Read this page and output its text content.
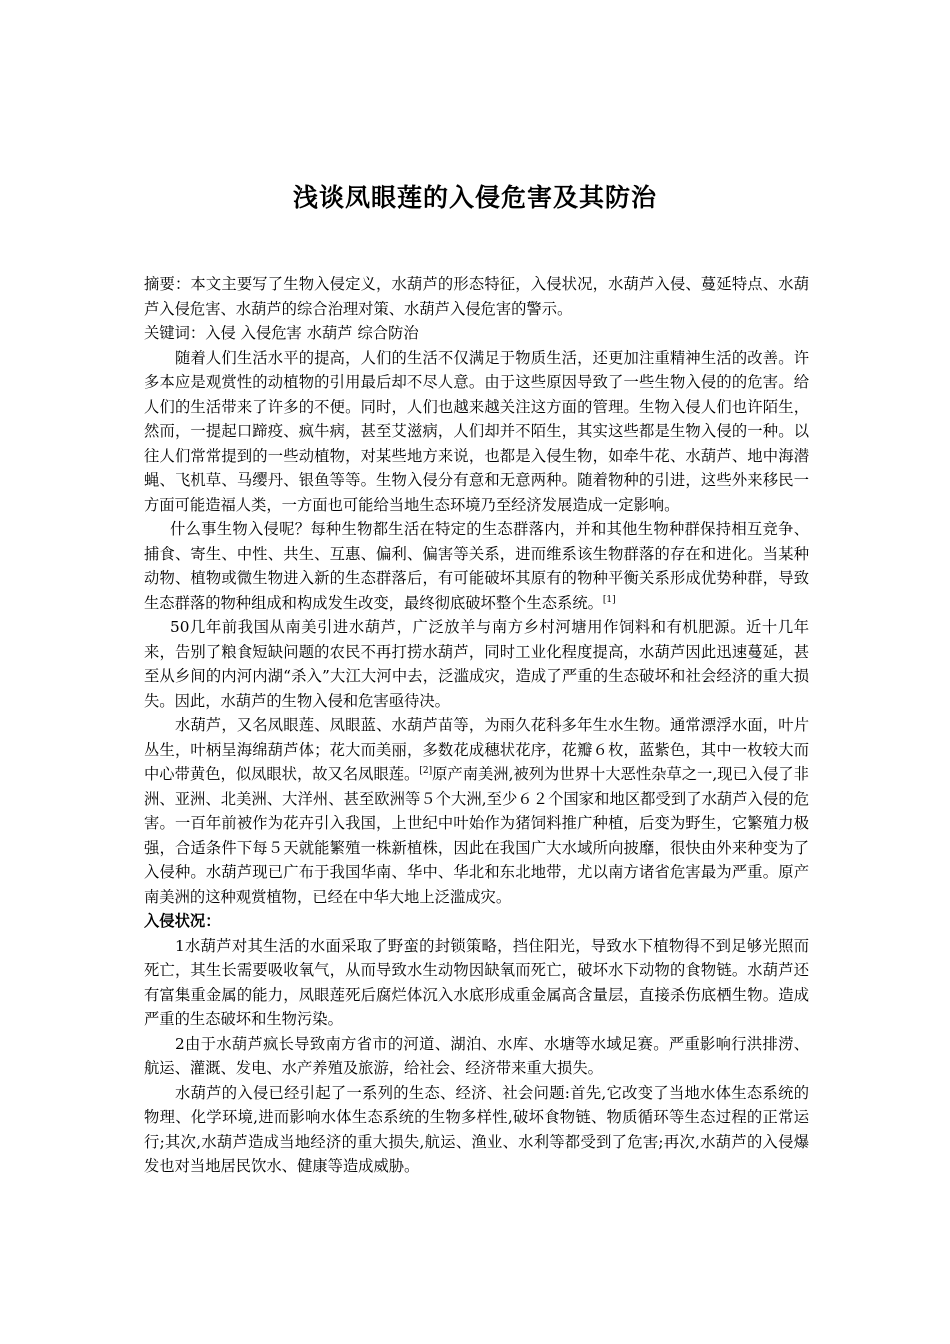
浅谈凤眼莲的入侵危害及其防治

摘要：本文主要写了生物入侵定义，水葫芦的形态特征，入侵状况，水葫芦入侵、蔓延特点、水葫芦入侵危害、水葫芦的综合治理对策、水葫芦入侵危害的警示。

关键词：入侵 入侵危害 水葫芦 综合防治

随着人们生活水平的提高，人们的生活不仅满足于物质生活，还更加注重精神生活的改善。许多本应是观赏性的动植物的引用最后却不尽人意。由于这些原因导致了一些生物入侵的的危害。给人们的生活带来了许多的不便。同时，人们也越来越关注这方面的管理。生物入侵人们也许陌生，然而，一提起口蹄疫、疯牛病，甚至艾滋病，人们却并不陌生，其实这些都是生物入侵的一种。以往人们常常提到的一些动植物，对某些地方来说，也都是入侵生物，如牵牛花、水葫芦、地中海潜蝇、飞机草、马缨丹、银鱼等等。生物入侵分有意和无意两种。随着物种的引进，这些外来移民一方面可能造福人类，一方面也可能给当地生态环境乃至经济发展造成一定影响。

什么事生物入侵呢？每种生物都生活在特定的生态群落内，并和其他生物种群保持相互竞争、捕食、寄生、中性、共生、互惠、偏利、偏害等关系，进而维系该生物群落的存在和进化。当某种动物、植物或微生物进入新的生态群落后，有可能破坏其原有的物种平衡关系形成优势种群，导致生态群落的物种组成和构成发生改变，最终彻底破坏整个生态系统。[1]

50几年前我国从南美引进水葫芦，广泛放羊与南方乡村河塘用作饲料和有机肥源。近十几年来，告别了粮食短缺问题的农民不再打捞水葫芦，同时工业化程度提高，水葫芦因此迅速蔓延，甚至从乡间的内河内湖“杀入”大江大河中去，泛滥成灾，造成了严重的生态破坏和社会经济的重大损失。因此，水葫芦的生物入侵和危害亟待决。

水葫芦，又名凤眼莲、凤眼蓝、水葫芦苗等，为雨久花科多年生水生物。通常漂浮水面，叶片丛生，叶柄呈海绵葫芦体；花大而美丽，多数花成穗状花序，花瓣６枚，蓝紫色，其中一枚较大而中心带黄色，似凤眼状，故又名凤眼莲。[2]原产南美洲,被列为世界十大恶性杂草之一,现已入侵了非洲、亚洲、北美洲、大洋州、甚至欧洲等５个大洲,至少６２个国家和地区都受到了水葫芦入侵的危害。一百年前被作为花卉引入我国，上世纪中叶始作为猪饲料推广种植，后变为野生，它繁殖力极强，合适条件下每５天就能繁殖一株新植株，因此在我国广大水域所向披靡，很快由外来种变为了入侵种。水葫芦现已广布于我国华南、华中、华北和东北地带，尤以南方诸省危害最为严重。原产南美洲的这种观赏植物，已经在中华大地上泛滥成灾。

入侵状况：

1水葫芦对其生活的水面采取了野蛮的封锁策略，挡住阳光，导致水下植物得不到足够光照而死亡，其生长需要吸收氧气，从而导致水生动物因缺氧而死亡，破坏水下动物的食物链。水葫芦还有富集重金属的能力，凤眼莲死后腐烂体沉入水底形成重金属高含量层，直接杀伤底栖生物。造成严重的生态破坏和生物污染。

2由于水葫芦疯长导致南方省市的河道、湖泊、水库、水塘等水域足赛。严重影响行洪排涝、航运、灌溉、发电、水产养殖及旅游，给社会、经济带来重大损失。

水葫芦的入侵已经引起了一系列的生态、经济、社会问题:首先,它改变了当地水体生态系统的物理、化学环境,进而影响水体生态系统的生物多样性,破坏食物链、物质循环等生态过程的正常运行;其次,水葫芦造成当地经济的重大损失,航运、渔业、水利等都受到了危害;再次,水葫芦的入侵爆发也对当地居民饮水、健康等造成威胁。
